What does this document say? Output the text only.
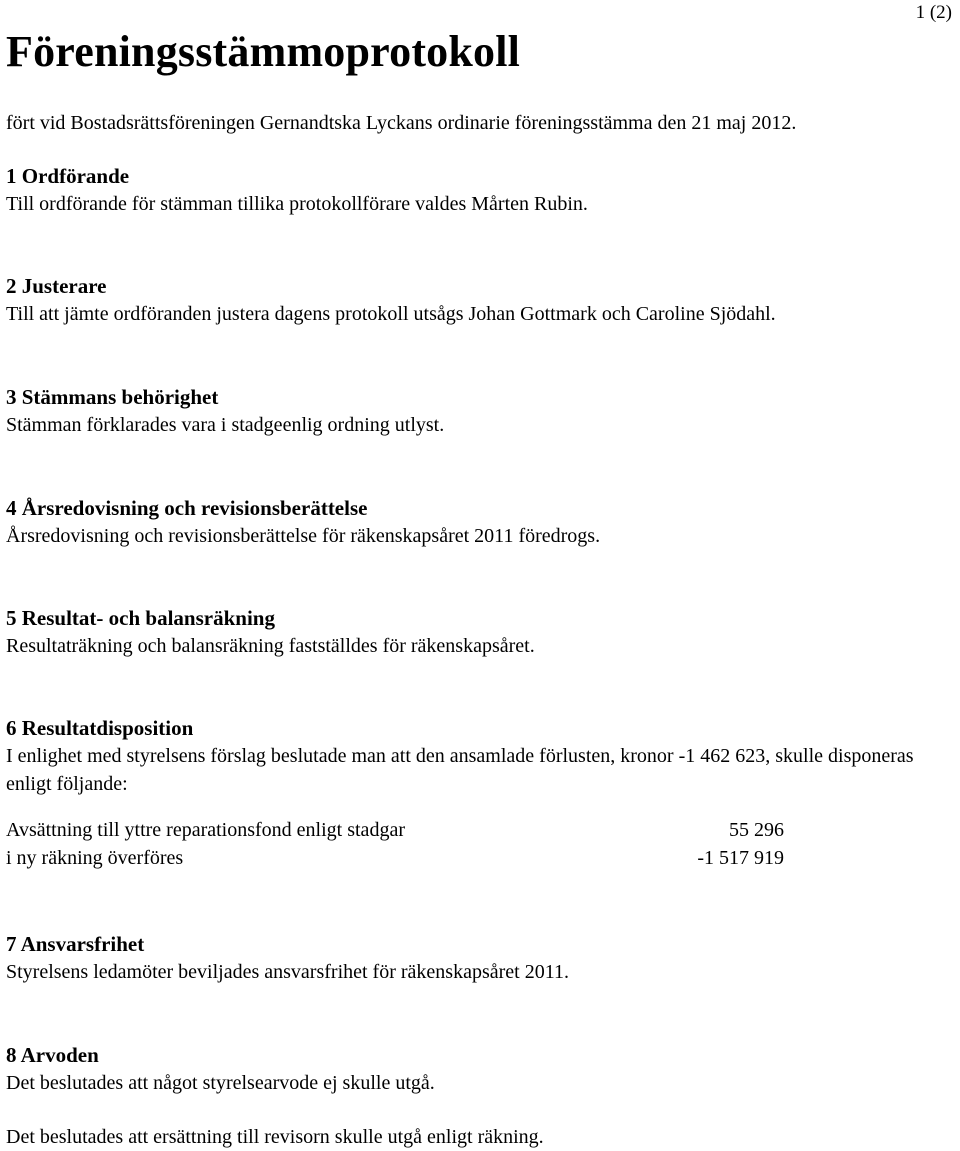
1 (2)
Föreningsstämmoprotokoll

fört vid Bostadsrättsföreningen Gernandtska Lyckans ordinarie föreningsstämma den 21 maj 2012.

1 Ordförande

Till ordförande för stämman tillika protokollförare valdes Mårten Rubin.

2 Justerare

Till att jämte ordföranden justera dagens protokoll utsågs Johan Gottmark och Caroline Sjödahl.

3 Stämmans behörighet

Stämman förklarades vara i stadgeenlig ordning utlyst.

4 Årsredovisning och revisionsberättelse

Årsredovisning och revisionsberättelse för räkenskapsåret 2011 föredrogs.

5 Resultat- och balansräkning

Resultaträkning och balansräkning fastställdes för räkenskapsåret.

6 Resultatdisposition

I enlighet med styrelsens förslag beslutade man att den ansamlade förlusten, kronor -1 462 623, skulle disponeras enligt följande:

Avsättning till yttre reparationsfond enligt stadgar	55 296
i ny räkning överföres	-1 517 919
7 Ansvarsfrihet

Styrelsens ledamöter beviljades ansvarsfrihet för räkenskapsåret 2011.

8 Arvoden

Det beslutades att något styrelsearvode ej skulle utgå.

Det beslutades att ersättning till revisorn skulle utgå enligt räkning.
